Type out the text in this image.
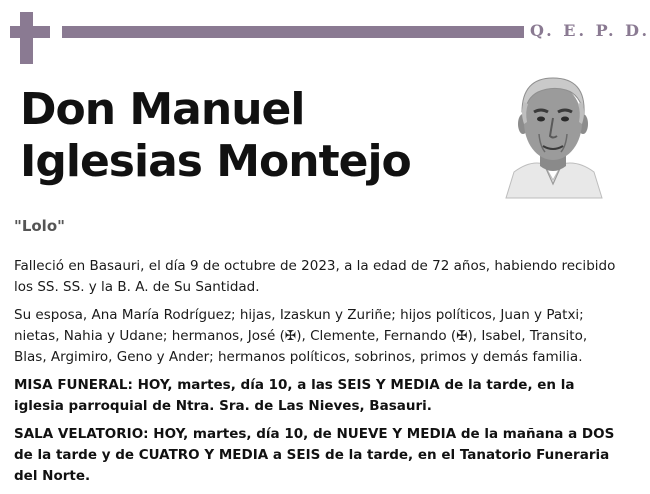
Q. E. P. D.
Don Manuel
Iglesias Montejo
"Lolo"

Falleció en Basauri, el día 9 de octubre de 2023, a la edad de 72 años, habiendo recibido los SS. SS. y la B. A. de Su Santidad.

Su esposa, Ana María Rodríguez; hijas, Izaskun y Zuriñe; hijos políticos, Juan y Patxi; nietas, Nahia y Udane; hermanos, José (✠), Clemente, Fernando (✠), Isabel, Transito, Blas, Argimiro, Geno y Ander; hermanos políticos, sobrinos, primos y demás familia.

MISA FUNERAL: HOY, martes, día 10, a las SEIS Y MEDIA de la tarde, en la iglesia parroquial de Ntra. Sra. de Las Nieves, Basauri.

SALA VELATORIO: HOY, martes, día 10, de NUEVE Y MEDIA de la mañana a DOS de la tarde y de CUATRO Y MEDIA a SEIS de la tarde, en el Tanatorio Funeraria del Norte.
